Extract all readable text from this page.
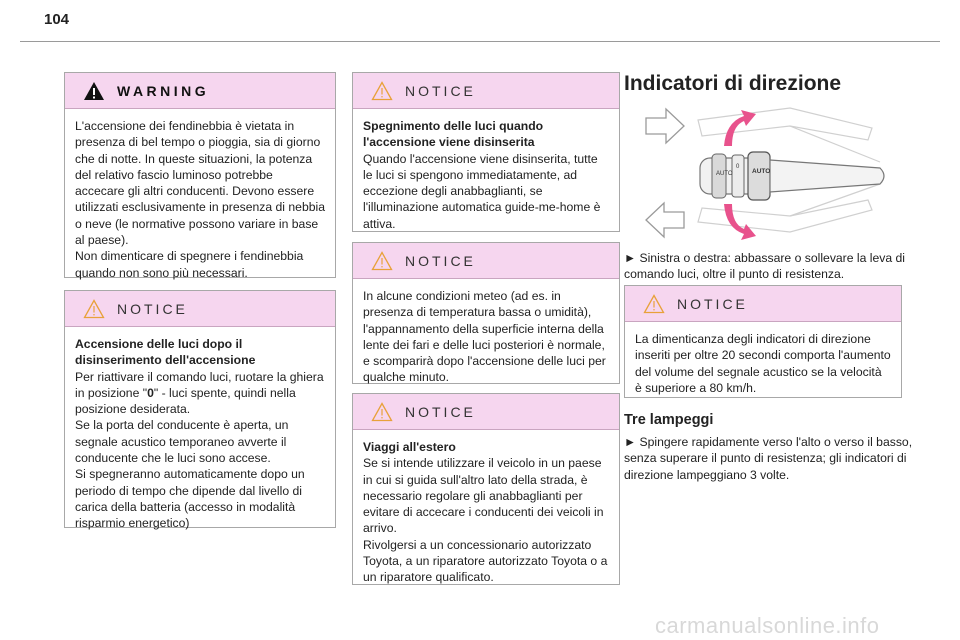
104
WARNING

L'accensione dei fendinebbia è vietata in presenza di bel tempo o pioggia, sia di giorno che di notte. In queste situazioni, la potenza del relativo fascio luminoso potrebbe accecare gli altri conducenti. Devono essere utilizzati esclusivamente in presenza di nebbia o neve (le normative possono variare in base al paese).

Non dimenticare di spegnere i fendinebbia quando non sono più necessari.

NOTICE

Accensione delle luci dopo il disinserimento dell'accensione

Per riattivare il comando luci, ruotare la ghiera in posizione "0" - luci spente, quindi nella posizione desiderata.

Se la porta del conducente è aperta, un segnale acustico temporaneo avverte il conducente che le luci sono accese.

Si spegneranno automaticamente dopo un periodo di tempo che dipende dal livello di carica della batteria (accesso in modalità risparmio energetico)

NOTICE

Spegnimento delle luci quando l'accensione viene disinserita

Quando l'accensione viene disinserita, tutte le luci si spengono immediatamente, ad eccezione degli anabbaglianti, se l'illuminazione automatica guide-me-home è attiva.

NOTICE

In alcune condizioni meteo (ad es. in presenza di temperatura bassa o umidità), l'appannamento della superficie interna della lente dei fari e delle luci posteriori è normale, e scomparirà dopo l'accensione delle luci per qualche minuto.

NOTICE

Viaggi all'estero

Se si intende utilizzare il veicolo in un paese in cui si guida sull'altro lato della strada, è necessario regolare gli anabbaglianti per evitare di accecare i conducenti dei veicoli in arrivo.

Rivolgersi a un concessionario autorizzato Toyota, a un riparatore autorizzato Toyota o a un riparatore qualificato.

Indicatori di direzione
AUTO	AUTO
0
► Sinistra o destra: abbassare o sollevare la leva di comando luci, oltre il punto di resistenza.
NOTICE

La dimenticanza degli indicatori di direzione inseriti per oltre 20 secondi comporta l'aumento del volume del segnale acustico se la velocità è superiore a 80 km/h.

Tre lampeggi
► Spingere rapidamente verso l'alto o verso il basso, senza superare il punto di resistenza; gli indicatori di direzione lampeggiano 3 volte.
carmanualsonline.info
